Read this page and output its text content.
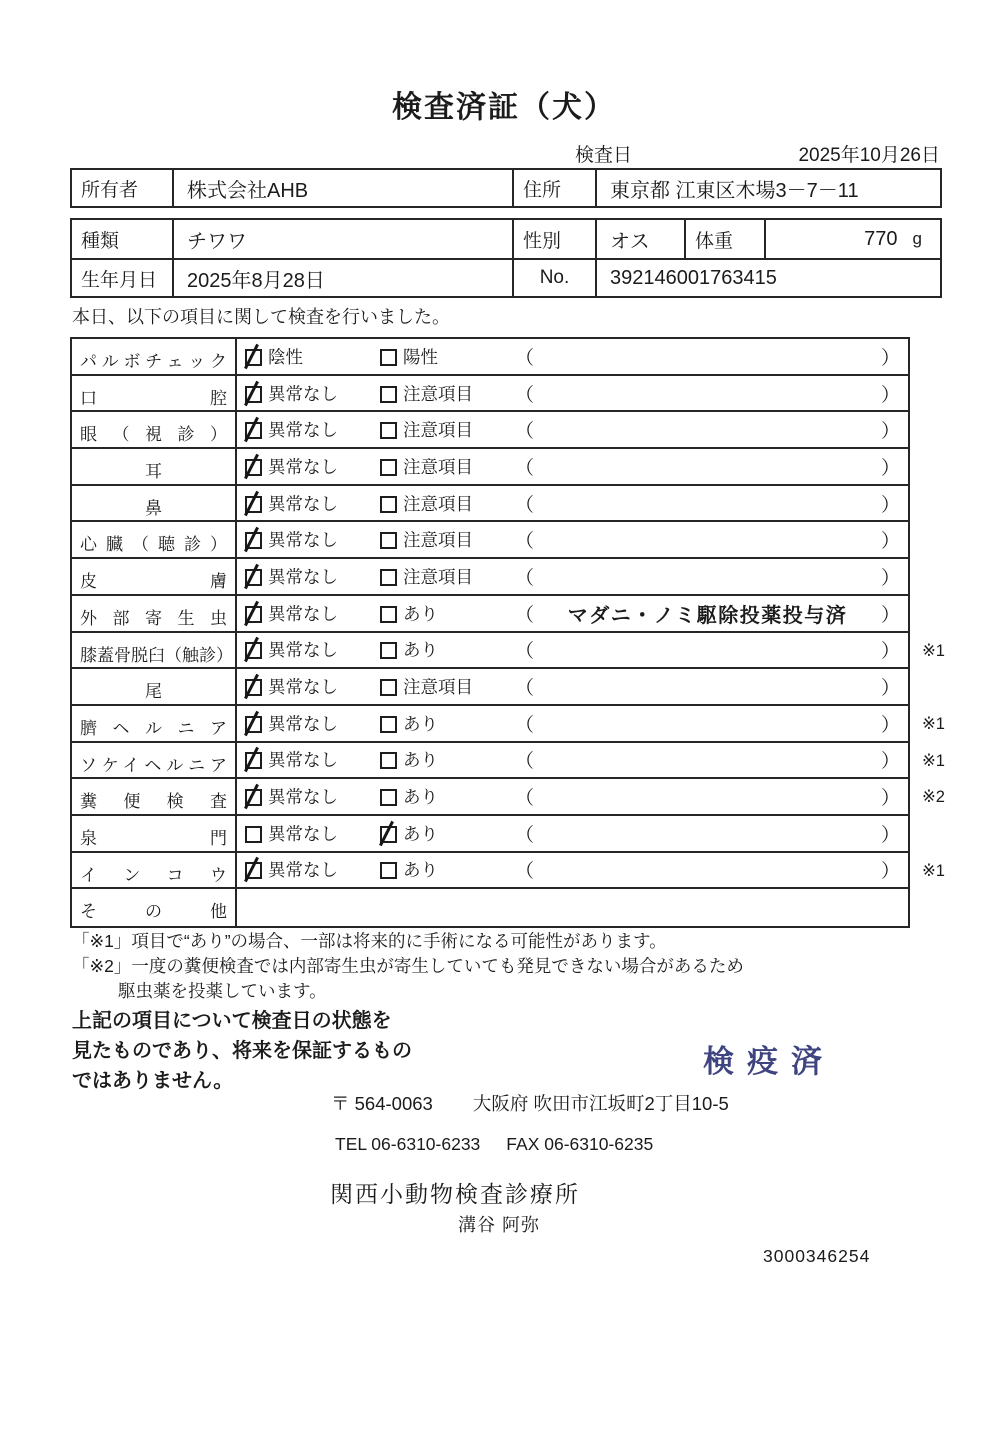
検査済証（犬）
検査日	2025年10月26日
所有者	株式会社AHB	住所	東京都 江東区木場3－7－11
種類	チワワ	性別	オス	体重	770 g
生年月日	2025年8月28日	No.	392146001763415
本日、以下の項目に関して検査を行いました。
パルボチェック	陰性	陽性	（	）
口腔	異常なし	注意項目 （	）
眼（視診）	異常なし	注意項目 （	）
耳	異常なし	注意項目 （	）
鼻	異常なし	注意項目 （	）
心臓（聴診）	異常なし	注意項目 （	）
皮膚	異常なし	注意項目 （	）
外部寄生虫	異常なし	あり	（ マダニ・ノミ駆除投薬投与済 ）
膝蓋骨脱臼（触診） 異常なし	あり	（	） ※1
尾	異常なし	注意項目 （	）
臍ヘルニア	異常なし	あり	（	） ※1
ソケイヘルニア	異常なし	あり	（	） ※1
糞便検査	異常なし	あり	（	） ※2
泉門	異常なし	あり	（	）
インコウ	異常なし	あり	（	） ※1
その他
「※1」項目で“あり”の場合、一部は将来的に手術になる可能性があります。
「※2」一度の糞便検査では内部寄生虫が寄生していても発見できない場合があるため
駆虫薬を投薬しています。
上記の項目について検査日の状態を
見たものであり、将来を保証するもの
ではありません。
検疫済
〒 564-0063 大阪府 吹田市江坂町2丁目10-5
TEL 06-6310-6233 FAX 06-6310-6235
関西小動物検査診療所
溝谷 阿弥
3000346254
